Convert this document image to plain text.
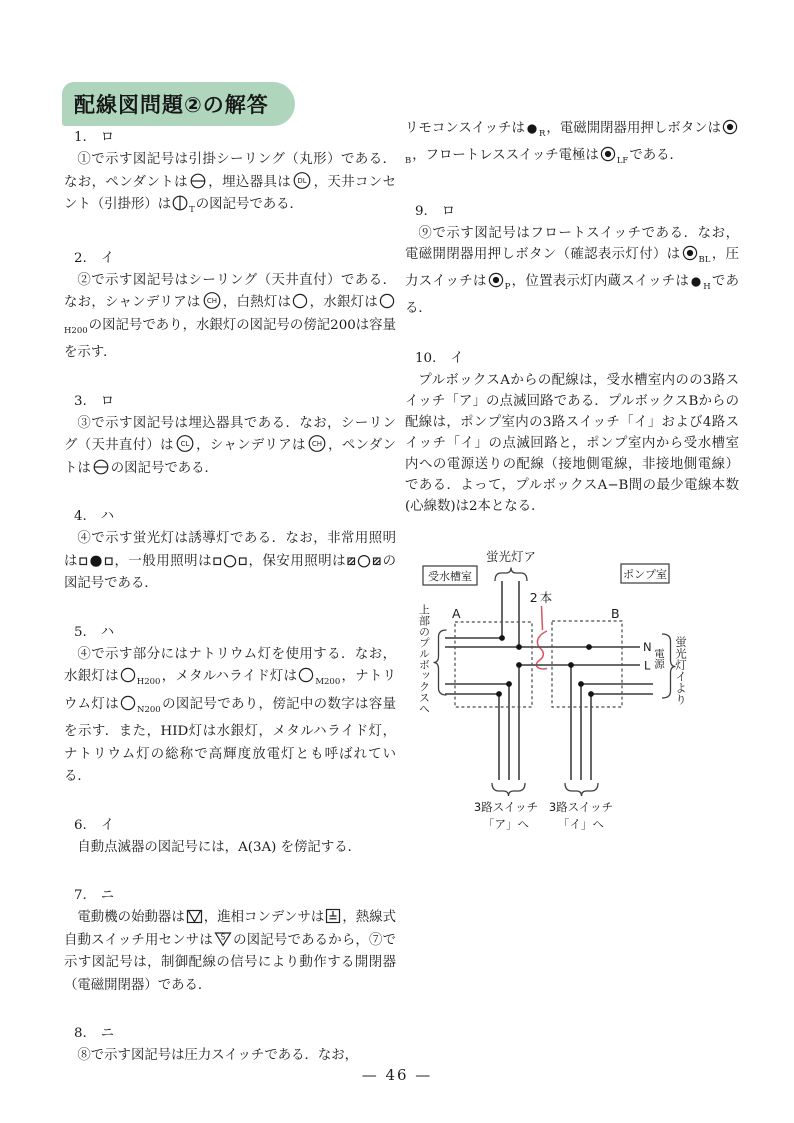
配線図問題②の解答
1. ロ
①で示す図記号は引掛シーリング（丸形）である．なお，ペンダントは ，埋込器具は DL ，天井コンセント（引掛形）は $_T$の図記号である．
2. イ
②で示す図記号はシーリング（天井直付）である．なお，シャンデリアは CH ，白熱灯は ，水銀灯は$_{H200}$の図記号であり，水銀灯の図記号の傍記200は容量を示す．
3. ロ
③で示す図記号は埋込器具である．なお，シーリング（天井直付）は CL ，シャンデリアは CH ，ペンダントは の図記号である．
4. ハ
④で示す蛍光灯は誘導灯である．なお，非常用照明は	，一般用照明は	，保安用照明は	の図記号である．
5. ハ
④で示す部分にはナトリウム灯を使用する．なお，水銀灯は $_{H200}$，メタルハライド灯は $_{M200}$，ナトリウム灯は $_{N200}$の図記号であり，傍記中の数字は容量を示す．また，HID灯は水銀灯，メタルハライド灯，ナトリウム灯の総称で高輝度放電灯とも呼ばれている．
6. イ
自動点滅器の図記号には，A(3A) を傍記する．
7. ニ
電動機の始動器は ，進相コンデンサは ，熱線式自動スイッチ用センサは S の図記号であるから，⑦で示す図記号は，制御配線の信号により動作する開閉器（電磁開閉器）である．
8. ニ
⑧で示す図記号は圧力スイッチである．なお，
リモコンスイッチは $_R$，電磁開閉器用押しボタンは$_B$，フロートレススイッチ電極は $_{LF}$である．
9. ロ
⑨で示す図記号はフロートスイッチである．なお，電磁開閉器用押しボタン（確認表示灯付）は $_{BL}$，圧力スイッチは $_P$，位置表示灯内蔵スイッチは $_H$である．
10. イ
プルボックスAからの配線は，受水槽室内のの3路スイッチ「ア」の点滅回路である．プルボックスBからの配線は，ポンプ室内の3路スイッチ「イ」および4路スイッチ「イ」の点滅回路と，ポンプ室内から受水槽室内への電源送りの配線（接地側電線，非接地側電線）である．よって，プルボックスA−B間の最少電線本数(心線数)は2本となる．
蛍光灯ア
受水槽室	ポンプ室
2本
A	B
上部のプルボックスへ	N
L 電源 蛍光灯イより
3路スイッチ
「ア」へ
3路スイッチ
「イ」へ
— 46 —
